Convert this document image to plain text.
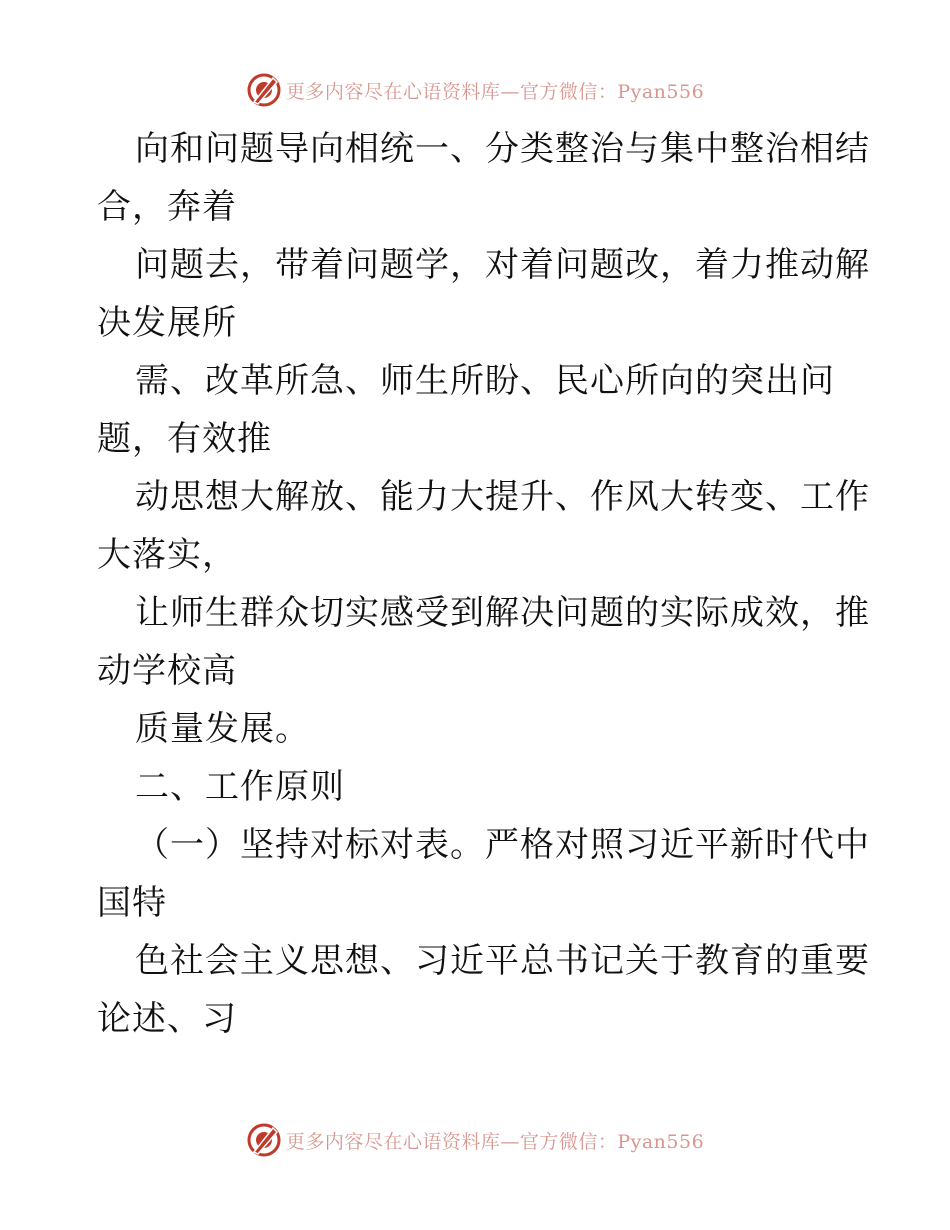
更多内容尽在心语资料库—官方微信：Pyan556
向和问题导向相统一、分类整治与集中整治相结
合，奔着
问题去，带着问题学，对着问题改，着力推动解
决发展所
需、改革所急、师生所盼、民心所向的突出问
题，有效推
动思想大解放、能力大提升、作风大转变、工作
大落实，
让师生群众切实感受到解决问题的实际成效，推
动学校高
质量发展。
二、工作原则
（一）坚持对标对表。严格对照习近平新时代中
国特
色社会主义思想、习近平总书记关于教育的重要
论述、习
更多内容尽在心语资料库—官方微信：Pyan556
